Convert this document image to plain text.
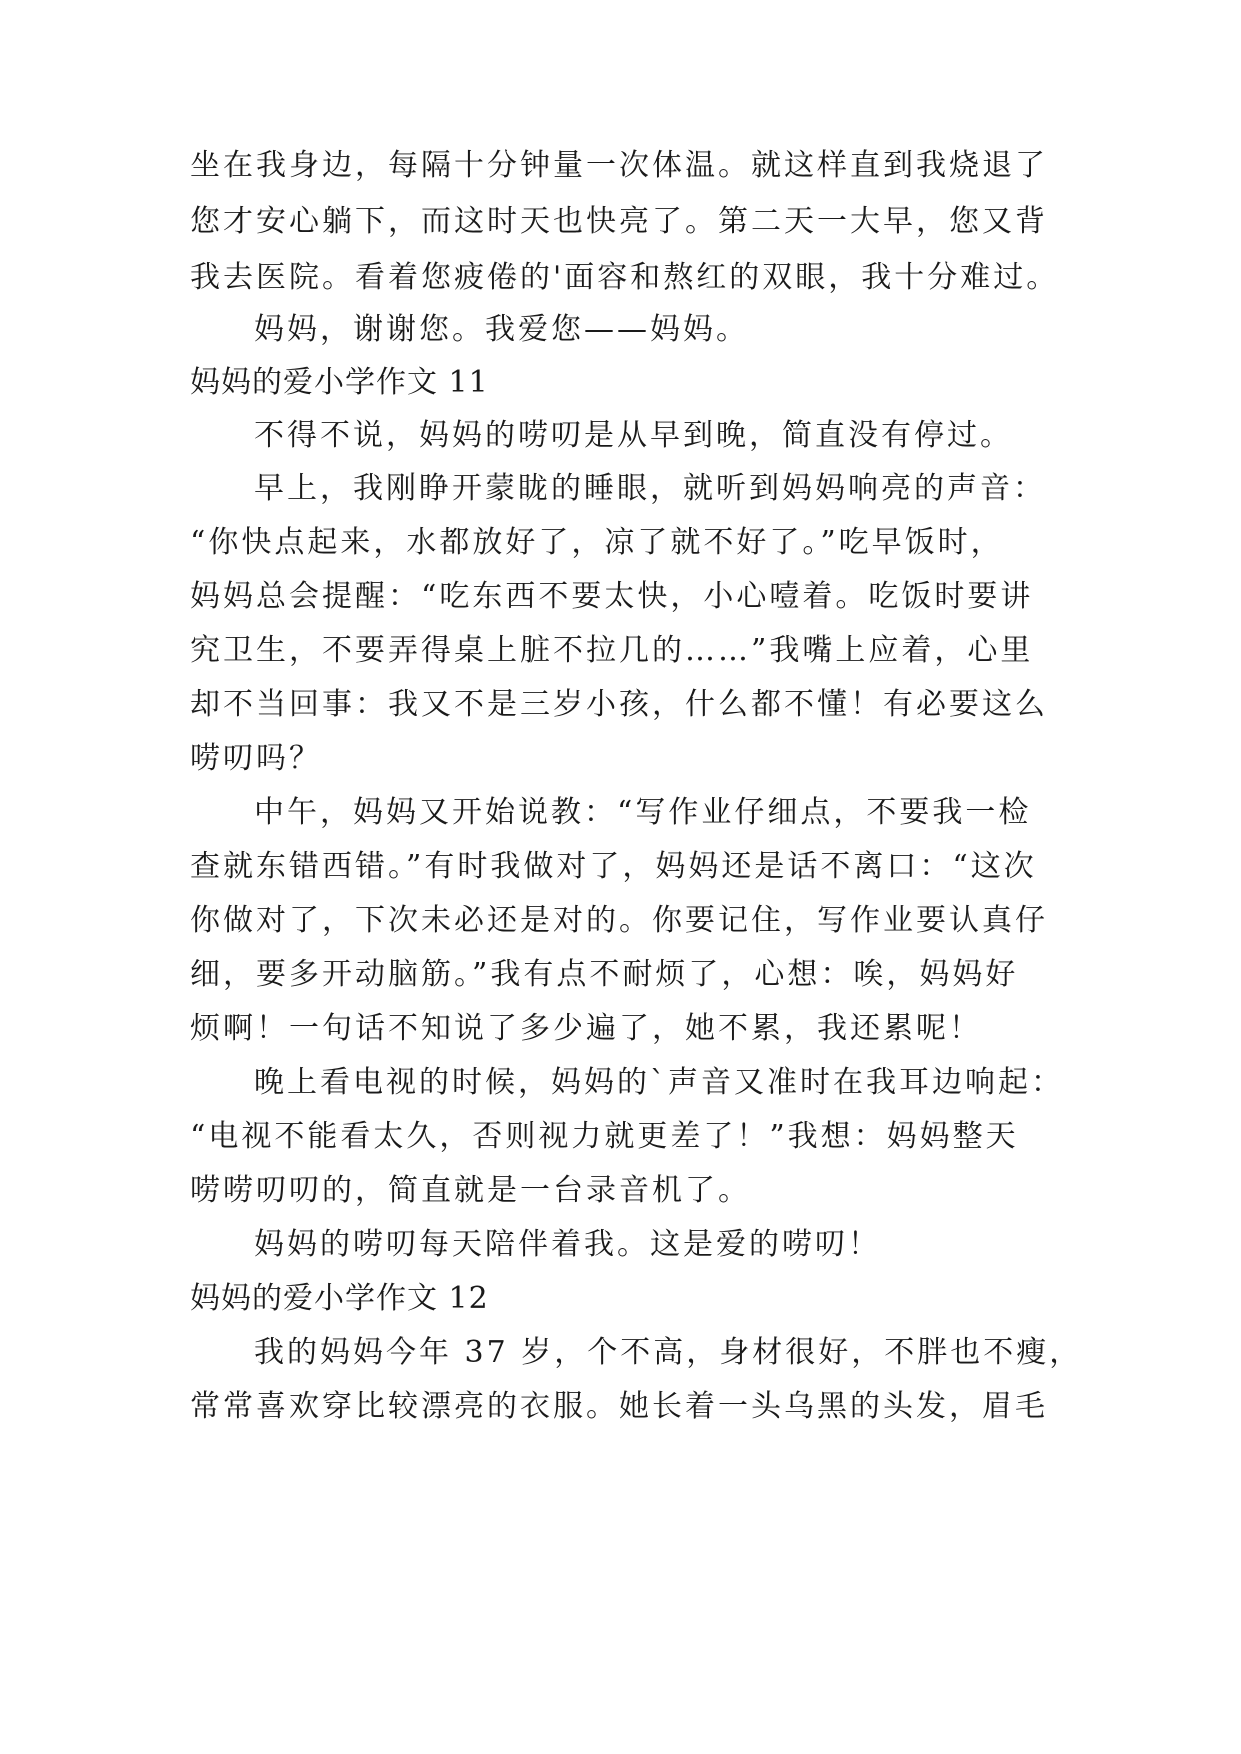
坐在我身边，每隔十分钟量一次体温。就这样直到我烧退了
您才安心躺下，而这时天也快亮了。第二天一大早，您又背
我去医院。看着您疲倦的'面容和熬红的双眼，我十分难过。
妈妈，谢谢您。我爱您——妈妈。
妈妈的爱小学作文 11
不得不说，妈妈的唠叨是从早到晚，简直没有停过。
早上，我刚睁开蒙眬的睡眼，就听到妈妈响亮的声音：
“你快点起来，水都放好了，凉了就不好了。”吃早饭时，
妈妈总会提醒：“吃东西不要太快，小心噎着。吃饭时要讲
究卫生，不要弄得桌上脏不拉几的……”我嘴上应着，心里
却不当回事：我又不是三岁小孩，什么都不懂！有必要这么
唠叨吗？
中午，妈妈又开始说教：“写作业仔细点，不要我一检
查就东错西错。”有时我做对了，妈妈还是话不离口：“这次
你做对了，下次未必还是对的。你要记住，写作业要认真仔
细，要多开动脑筋。”我有点不耐烦了，心想：唉，妈妈好
烦啊！一句话不知说了多少遍了，她不累，我还累呢！
晚上看电视的时候，妈妈的`声音又准时在我耳边响起：
“电视不能看太久，否则视力就更差了！”我想：妈妈整天
唠唠叨叨的，简直就是一台录音机了。
妈妈的唠叨每天陪伴着我。这是爱的唠叨！
妈妈的爱小学作文 12
我的妈妈今年 37 岁，个不高，身材很好，不胖也不瘦，
常常喜欢穿比较漂亮的衣服。她长着一头乌黑的头发，眉毛
